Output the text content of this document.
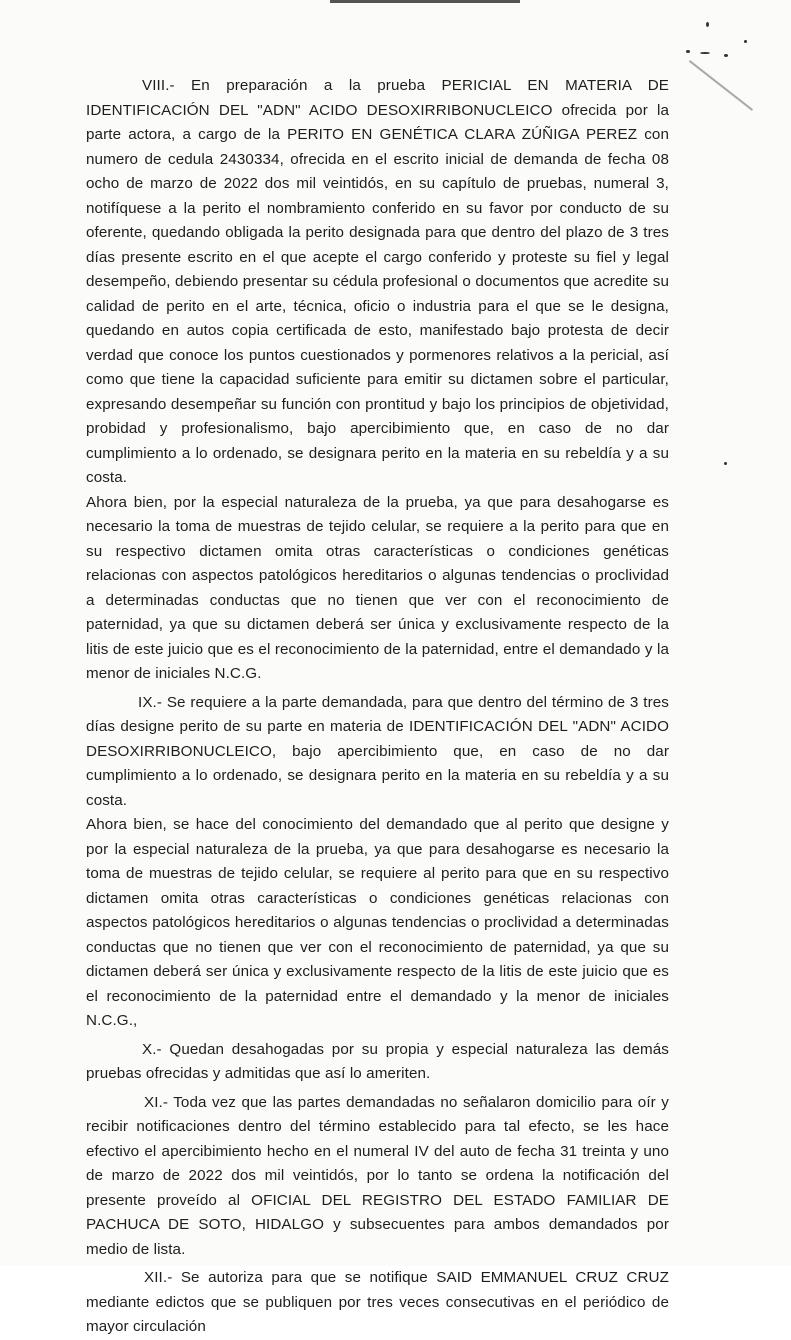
VIII.- En preparación a la prueba PERICIAL EN MATERIA DE IDENTIFICACIÓN DEL "ADN" ACIDO DESOXIRRIBONUCLEICO ofrecida por la parte actora, a cargo de la PERITO EN GENÉTICA CLARA ZÚÑIGA PEREZ con numero de cedula 2430334, ofrecida en el escrito inicial de demanda de fecha 08 ocho de marzo de 2022 dos mil veintidós, en su capítulo de pruebas, numeral 3, notifíquese a la perito el nombramiento conferido en su favor por conducto de su oferente, quedando obligada la perito designada para que dentro del plazo de 3 tres días presente escrito en el que acepte el cargo conferido y proteste su fiel y legal desempeño, debiendo presentar su cédula profesional o documentos que acredite su calidad de perito en el arte, técnica, oficio o industria para el que se le designa, quedando en autos copia certificada de esto, manifestado bajo protesta de decir verdad que conoce los puntos cuestionados y pormenores relativos a la pericial, así como que tiene la capacidad suficiente para emitir su dictamen sobre el particular, expresando desempeñar su función con prontitud y bajo los principios de objetividad, probidad y profesionalismo, bajo apercibimiento que, en caso de no dar cumplimiento a lo ordenado, se designara perito en la materia en su rebeldía y a su costa.

Ahora bien, por la especial naturaleza de la prueba, ya que para desahogarse es necesario la toma de muestras de tejido celular, se requiere a la perito para que en su respectivo dictamen omita otras características o condiciones genéticas relacionas con aspectos patológicos hereditarios o algunas tendencias o proclividad a determinadas conductas que no tienen que ver con el reconocimiento de paternidad, ya que su dictamen deberá ser única y exclusivamente respecto de la litis de este juicio que es el reconocimiento de la paternidad, entre el demandado y la menor de iniciales N.C.G.

IX.- Se requiere a la parte demandada, para que dentro del término de 3 tres días designe perito de su parte en materia de IDENTIFICACIÓN DEL "ADN" ACIDO DESOXIRRIBONUCLEICO, bajo apercibimiento que, en caso de no dar cumplimiento a lo ordenado, se designara perito en la materia en su rebeldía y a su costa.

Ahora bien, se hace del conocimiento del demandado que al perito que designe y por la especial naturaleza de la prueba, ya que para desahogarse es necesario la toma de muestras de tejido celular, se requiere al perito para que en su respectivo dictamen omita otras características o condiciones genéticas relacionas con aspectos patológicos hereditarios o algunas tendencias o proclividad a determinadas conductas que no tienen que ver con el reconocimiento de paternidad, ya que su dictamen deberá ser única y exclusivamente respecto de la litis de este juicio que es el reconocimiento de la paternidad entre el demandado y la menor de iniciales N.C.G.,

X.- Quedan desahogadas por su propia y especial naturaleza las demás pruebas ofrecidas y admitidas que así lo ameriten.

XI.- Toda vez que las partes demandadas no señalaron domicilio para oír y recibir notificaciones dentro del término establecido para tal efecto, se les hace efectivo el apercibimiento hecho en el numeral IV del auto de fecha 31 treinta y uno de marzo de 2022 dos mil veintidós, por lo tanto se ordena la notificación del presente proveído al OFICIAL DEL REGISTRO DEL ESTADO FAMILIAR DE PACHUCA DE SOTO, HIDALGO y subsecuentes para ambos demandados por medio de lista.

XII.- Se autoriza para que se notifique SAID EMMANUEL CRUZ CRUZ mediante edictos que se publiquen por tres veces consecutivas en el periódico de mayor circulación
